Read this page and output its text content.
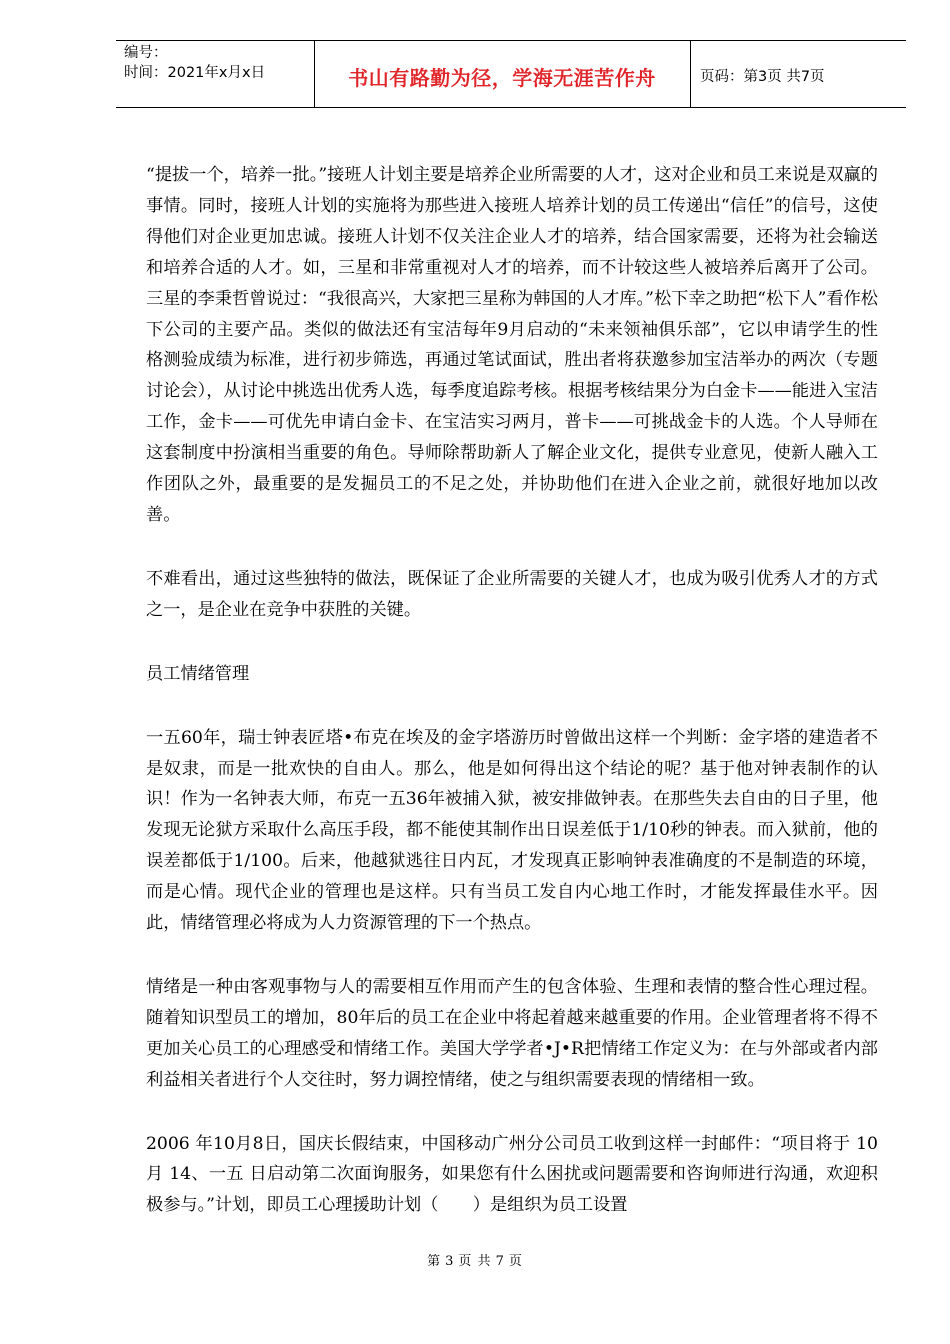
编号：
时间：2021年x月x日	书山有路勤为径，学海无涯苦作舟	页码：第3页 共7页

“提拔一个，培养一批。”接班人计划主要是培养企业所需要的人才，这对企业和员工来说是双赢的事情。同时，接班人计划的实施将为那些进入接班人培养计划的员工传递出“信任”的信号，这使得他们对企业更加忠诚。接班人计划不仅关注企业人才的培养，结合国家需要，还将为社会输送和培养合适的人才。如，三星和非常重视对人才的培养，而不计较这些人被培养后离开了公司。三星的李秉哲曾说过：“我很高兴，大家把三星称为韩国的人才库。”松下幸之助把“松下人”看作松下公司的主要产品。类似的做法还有宝洁每年9月启动的“未来领袖俱乐部”，它以申请学生的性格测验成绩为标准，进行初步筛选，再通过笔试面试，胜出者将获邀参加宝洁举办的两次（专题讨论会），从讨论中挑选出优秀人选，每季度追踪考核。根据考核结果分为白金卡——能进入宝洁工作，金卡——可优先申请白金卡、在宝洁实习两月，普卡——可挑战金卡的人选。个人导师在这套制度中扮演相当重要的角色。导师除帮助新人了解企业文化，提供专业意见，使新人融入工作团队之外，最重要的是发掘员工的不足之处，并协助他们在进入企业之前，就很好地加以改善。

不难看出，通过这些独特的做法，既保证了企业所需要的关键人才，也成为吸引优秀人才的方式之一，是企业在竞争中获胜的关键。

员工情绪管理

一五60年，瑞士钟表匠塔•布克在埃及的金字塔游历时曾做出这样一个判断：金字塔的建造者不是奴隶，而是一批欢快的自由人。那么，他是如何得出这个结论的呢？基于他对钟表制作的认识！作为一名钟表大师，布克一五36年被捕入狱，被安排做钟表。在那些失去自由的日子里，他发现无论狱方采取什么高压手段，都不能使其制作出日误差低于1/10秒的钟表。而入狱前，他的误差都低于1/100。后来，他越狱逃往日内瓦，才发现真正影响钟表准确度的不是制造的环境，而是心情。现代企业的管理也是这样。只有当员工发自内心地工作时，才能发挥最佳水平。因此，情绪管理必将成为人力资源管理的下一个热点。

情绪是一种由客观事物与人的需要相互作用而产生的包含体验、生理和表情的整合性心理过程。随着知识型员工的增加，80年后的员工在企业中将起着越来越重要的作用。企业管理者将不得不更加关心员工的心理感受和情绪工作。美国大学学者•J•R把情绪工作定义为：在与外部或者内部利益相关者进行个人交往时，努力调控情绪，使之与组织需要表现的情绪相一致。

2006 年10月8日，国庆长假结束，中国移动广州分公司员工收到这样一封邮件：“项目将于 10 月 14、一五 日启动第二次面询服务，如果您有什么困扰或问题需要和咨询师进行沟通，欢迎积极参与。”计划，即员工心理援助计划（　　）是组织为员工设置

第 3 页 共 7 页
